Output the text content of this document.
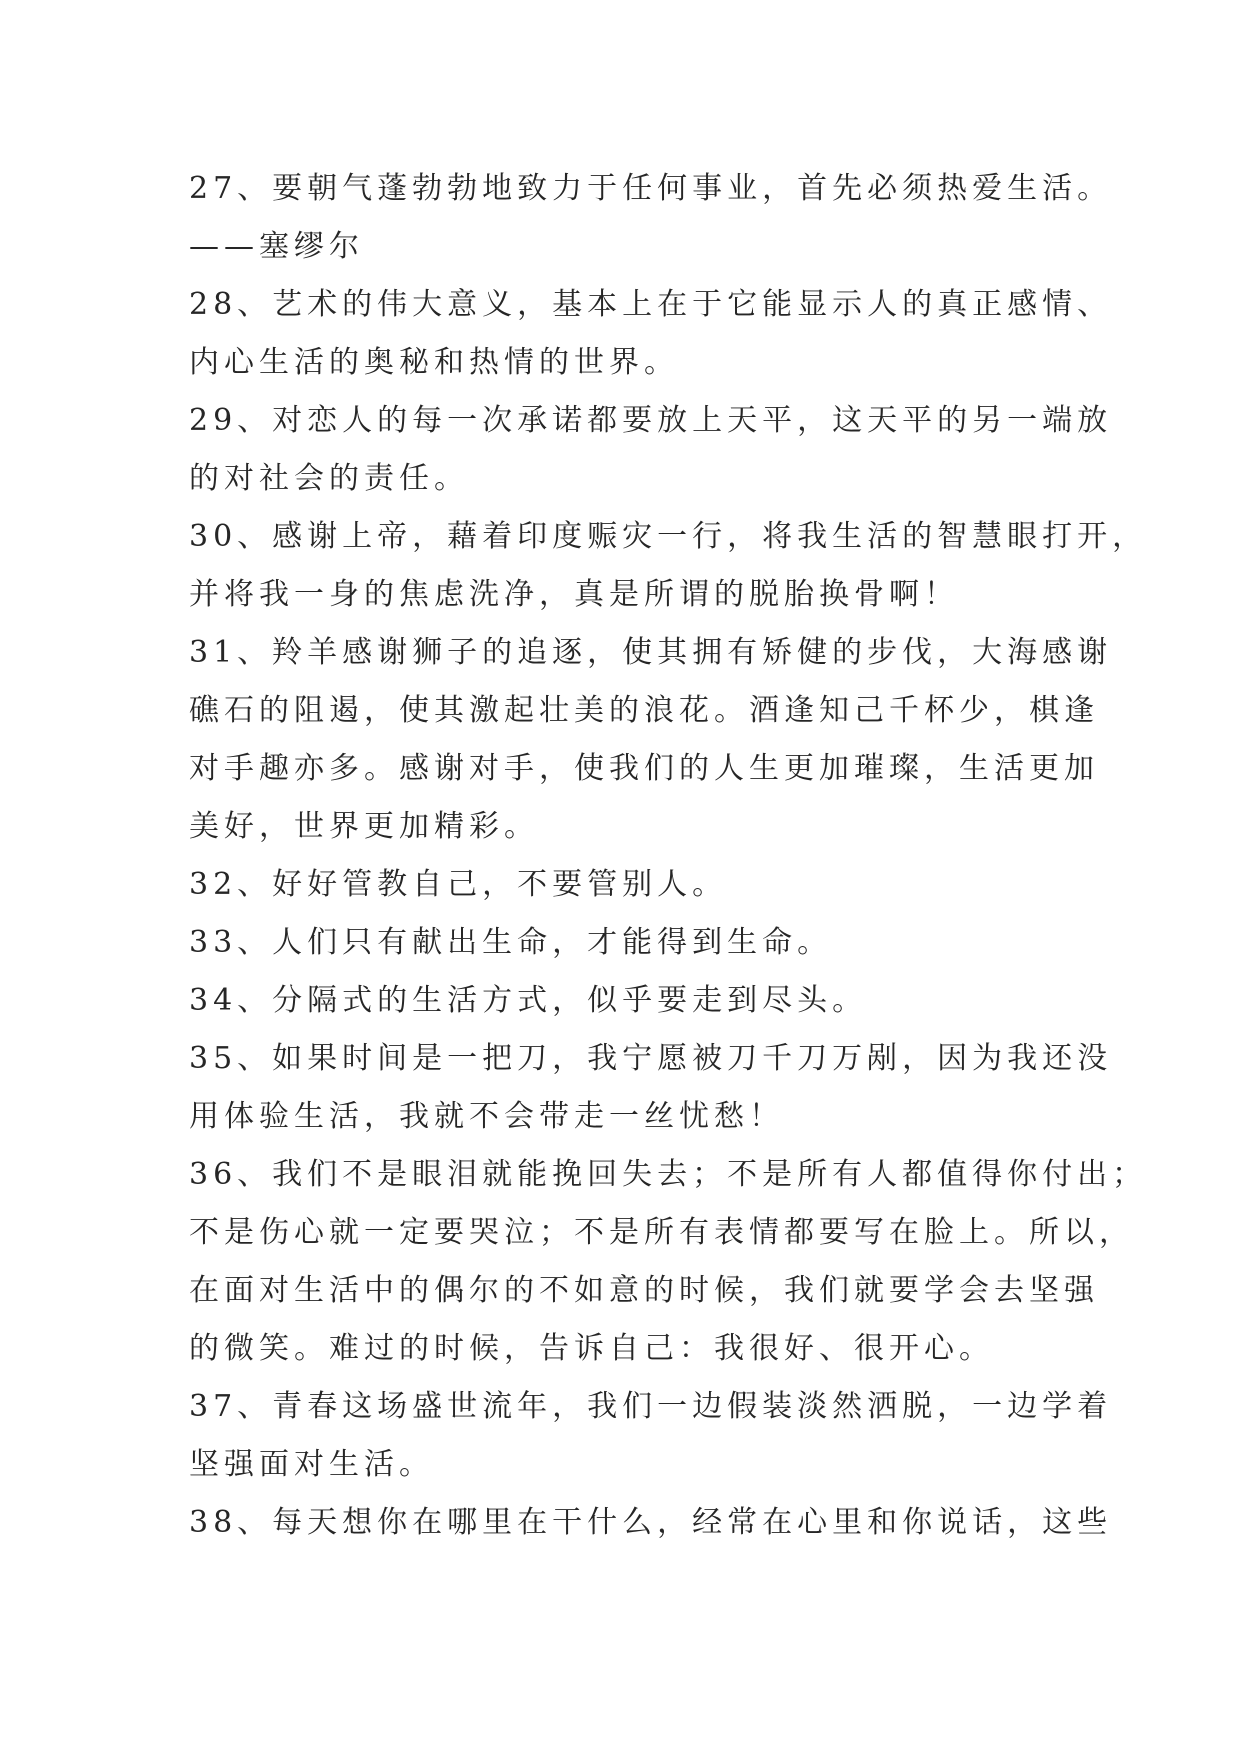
27、要朝气蓬勃勃地致力于任何事业，首先必须热爱生活。
——塞缪尔
28、艺术的伟大意义，基本上在于它能显示人的真正感情、
内心生活的奥秘和热情的世界。
29、对恋人的每一次承诺都要放上天平，这天平的另一端放
的对社会的责任。
30、感谢上帝，藉着印度赈灾一行，将我生活的智慧眼打开，
并将我一身的焦虑洗净，真是所谓的脱胎换骨啊！
31、羚羊感谢狮子的追逐，使其拥有矫健的步伐，大海感谢
礁石的阻遏，使其激起壮美的浪花。酒逢知己千杯少，棋逢
对手趣亦多。感谢对手，使我们的人生更加璀璨，生活更加
美好，世界更加精彩。
32、好好管教自己，不要管别人。
33、人们只有献出生命，才能得到生命。
34、分隔式的生活方式，似乎要走到尽头。
35、如果时间是一把刀，我宁愿被刀千刀万剐，因为我还没
用体验生活，我就不会带走一丝忧愁！
36、我们不是眼泪就能挽回失去；不是所有人都值得你付出；
不是伤心就一定要哭泣；不是所有表情都要写在脸上。所以，
在面对生活中的偶尔的不如意的时候，我们就要学会去坚强
的微笑。难过的时候，告诉自己：我很好、很开心。
37、青春这场盛世流年，我们一边假装淡然洒脱，一边学着
坚强面对生活。
38、每天想你在哪里在干什么，经常在心里和你说话，这些
